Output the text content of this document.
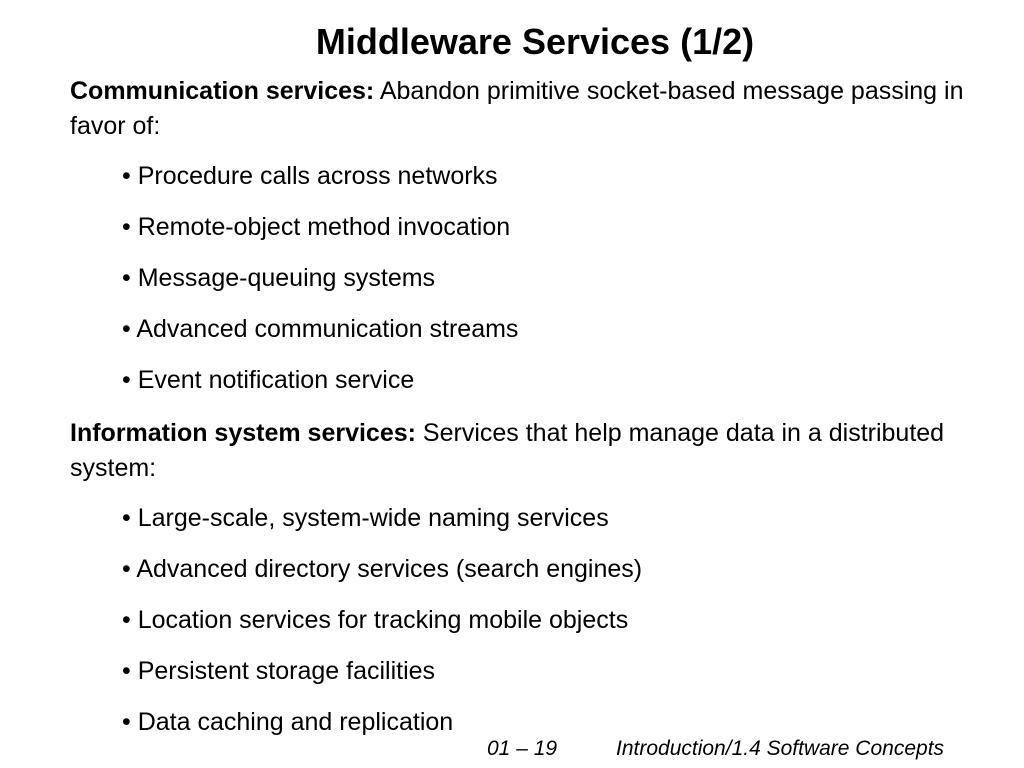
Middleware Services (1/2)

Communication services: Abandon primitive socket-based message passing in favor of:

• Procedure calls across networks
• Remote-object method invocation
• Message-queuing systems
• Advanced communication streams
• Event notification service

Information system services: Services that help manage data in a distributed system:

• Large-scale, system-wide naming services
• Advanced directory services (search engines)
• Location services for tracking mobile objects
• Persistent storage facilities
• Data caching and replication
01 – 19	Introduction/1.4 Software Concepts
